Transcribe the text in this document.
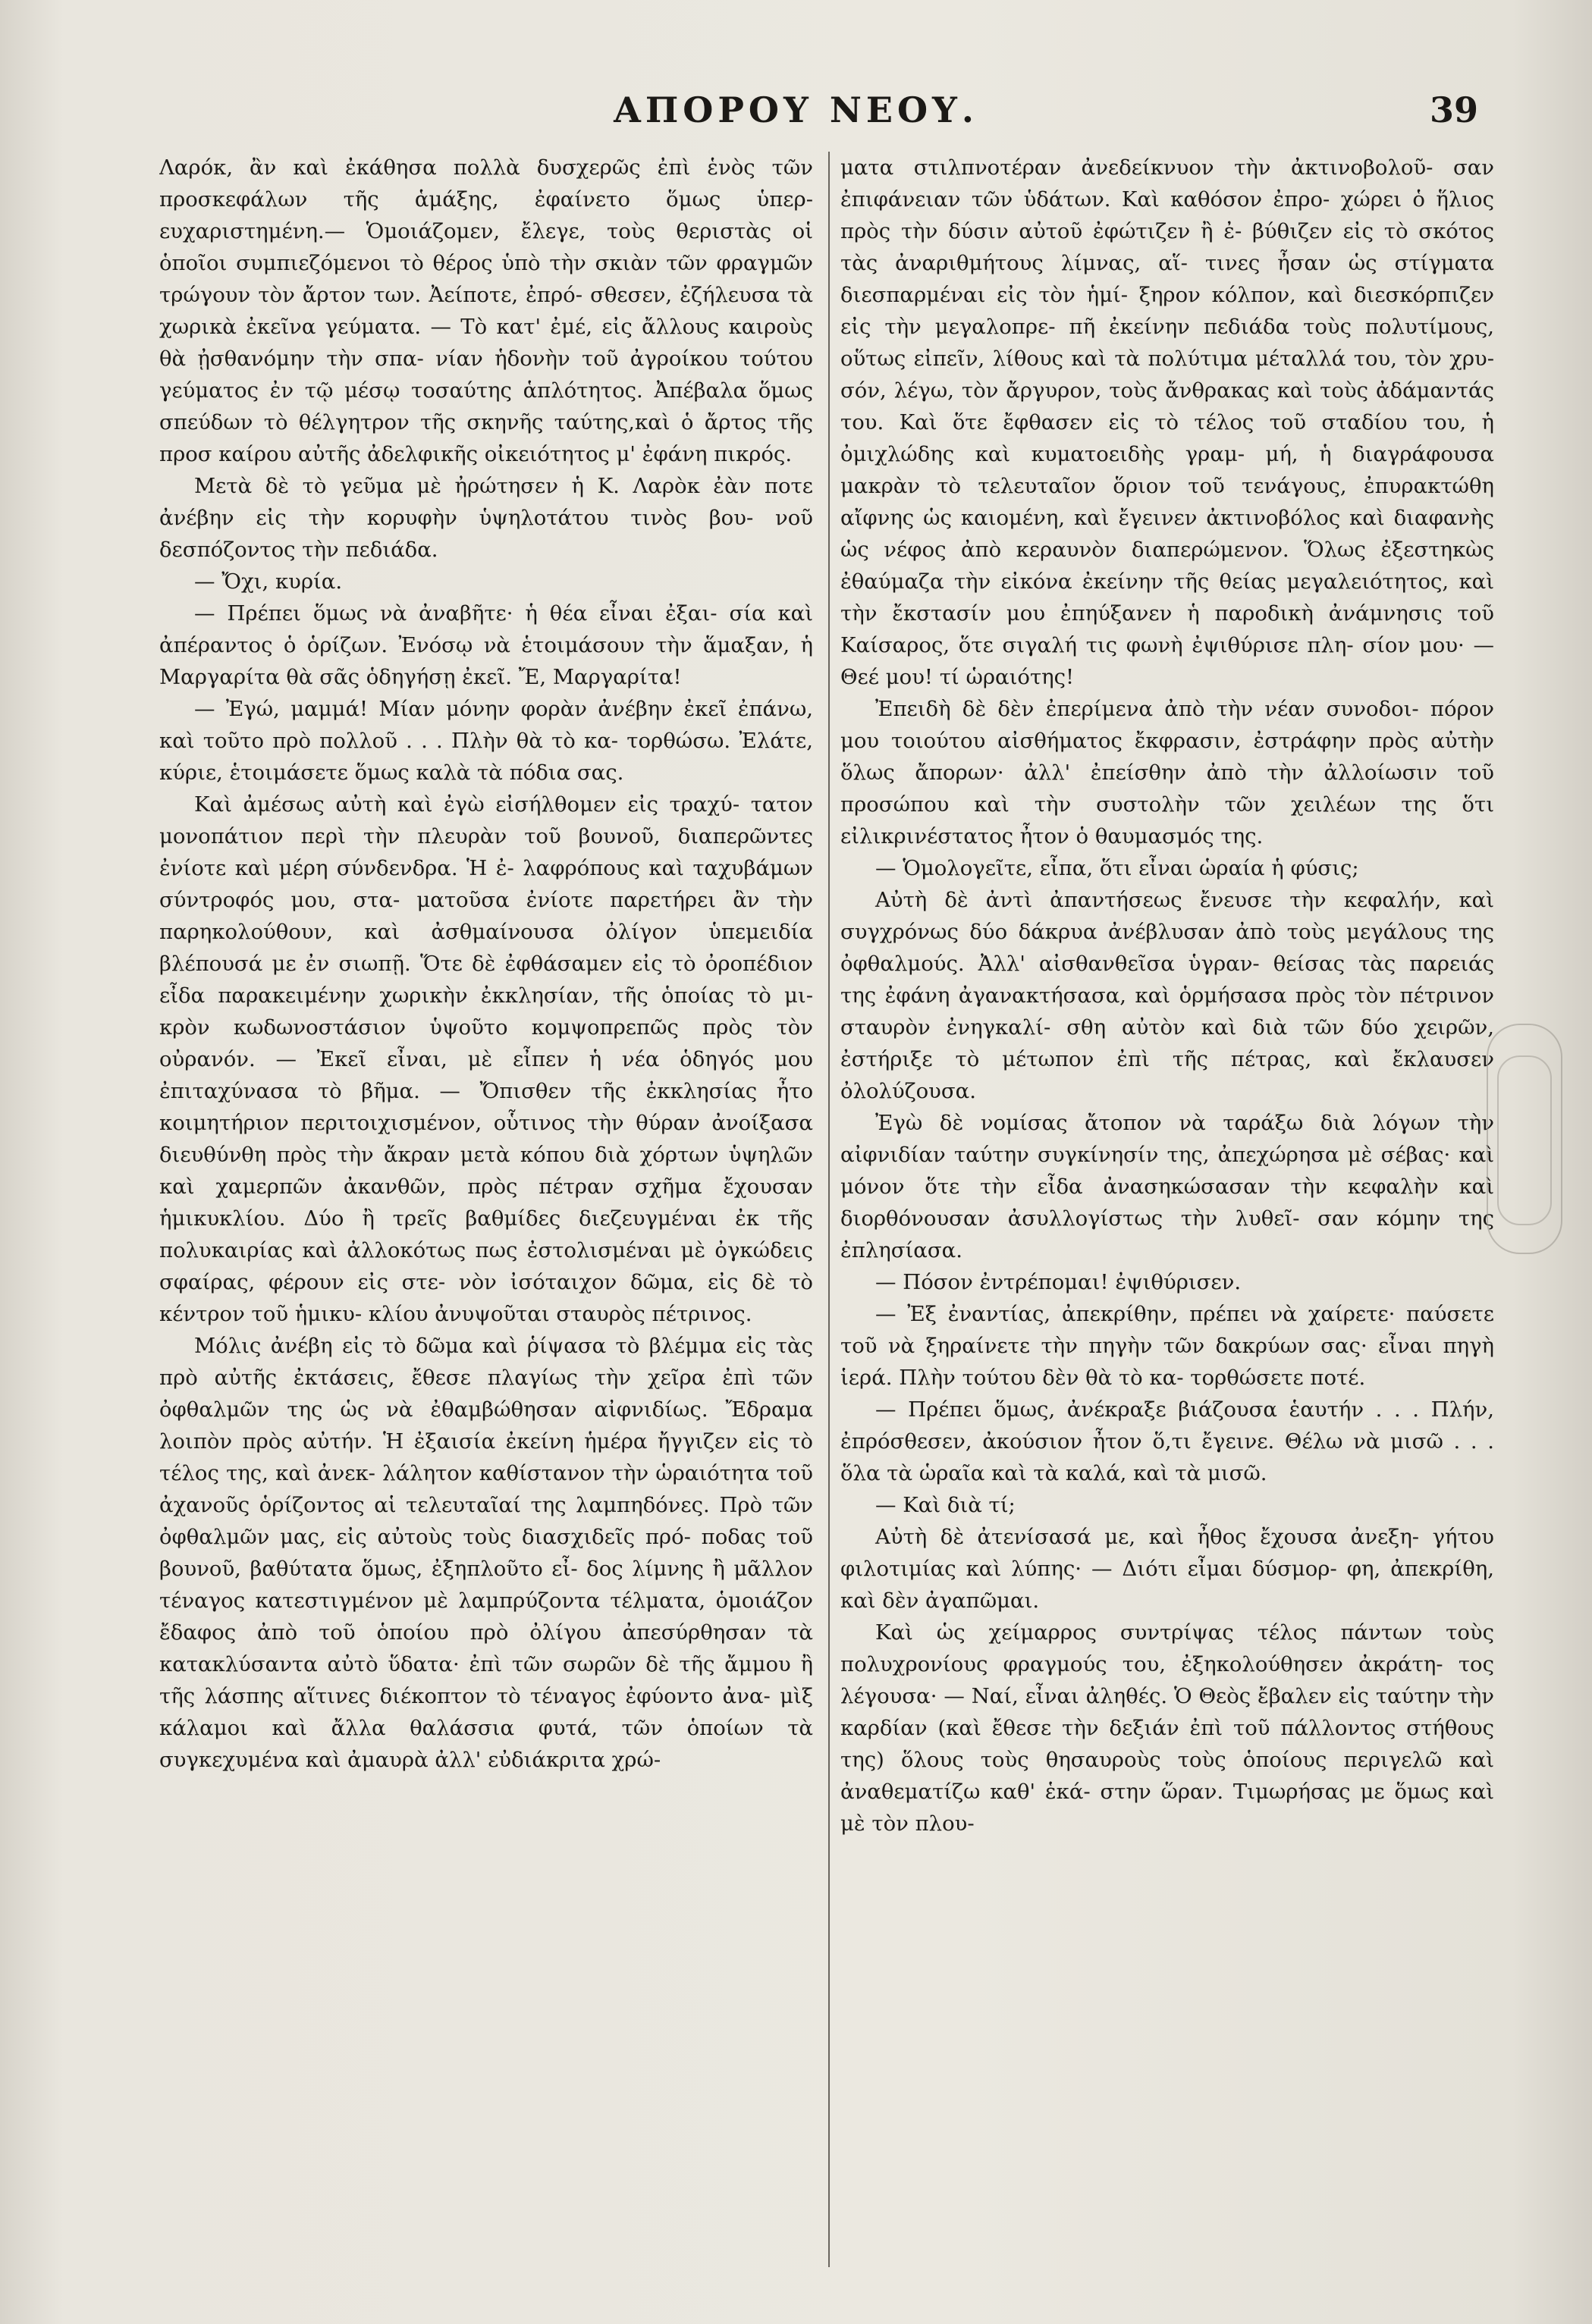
ΑΠΟΡΟΥ ΝΕΟΥ.	39

Λαρόκ, ἂν καὶ ἐκάθησα πολλὰ δυσχερῶς ἐπὶ ἑνὸς τῶν προσκεφάλων τῆς ἁμάξης, ἐφαίνετο ὅμως ὑπερ- ευχαριστημένη.— Ὁμοιάζομεν, ἔλεγε, τοὺς θεριστὰς οἱ ὁποῖοι συμπιεζόμενοι τὸ θέρος ὑπὸ τὴν σκιὰν τῶν φραγμῶν τρώγουν τὸν ἄρτον των. Ἀείποτε, ἐπρό- σθεσεν, ἐζήλευσα τὰ χωρικὰ ἐκεῖνα γεύματα. — Τὸ κατ' ἐμέ, εἰς ἄλλους καιροὺς θὰ ᾐσθανόμην τὴν σπα- νίαν ἡδονὴν τοῦ ἀγροίκου τούτου γεύματος ἐν τῷ μέσῳ τοσαύτης ἁπλότητος. Ἀπέβαλα ὅμως σπεύδων τὸ θέλγητρον τῆς σκηνῆς ταύτης,καὶ ὁ ἄρτος τῆς προσ καίρου αὐτῆς ἀδελφικῆς οἰκειότητος μ' ἐφάνη πικρός.

Μετὰ δὲ τὸ γεῦμα μὲ ἠρώτησεν ἡ Κ. Λαρὸκ ἐὰν ποτε ἀνέβην εἰς τὴν κορυφὴν ὑψηλοτάτου τινὸς βου- νοῦ δεσπόζοντος τὴν πεδιάδα.

— Ὄχι, κυρία.

— Πρέπει ὅμως νὰ ἀναβῆτε· ἡ θέα εἶναι ἐξαι- σία καὶ ἀπέραντος ὁ ὁρίζων. Ἐνόσῳ νὰ ἑτοιμάσουν τὴν ἅμαξαν, ἡ Μαργαρίτα θὰ σᾶς ὁδηγήσῃ ἐκεῖ. Ἔ, Μαργαρίτα!

— Ἐγώ, μαμμά! Μίαν μόνην φορὰν ἀνέβην ἐκεῖ ἐπάνω, καὶ τοῦτο πρὸ πολλοῦ . . . Πλὴν θὰ τὸ κα- τορθώσω. Ἐλάτε, κύριε, ἑτοιμάσετε ὅμως καλὰ τὰ πόδια σας.

Καὶ ἀμέσως αὐτὴ καὶ ἐγὼ εἰσήλθομεν εἰς τραχύ- τατον μονοπάτιον περὶ τὴν πλευρὰν τοῦ βουνοῦ, διαπερῶντες ἐνίοτε καὶ μέρη σύνδενδρα. Ἡ ἐ- λαφρόπους καὶ ταχυβάμων σύντροφός μου, στα- ματοῦσα ἐνίοτε παρετήρει ἂν τὴν παρηκολούθουν, καὶ ἀσθμαίνουσα ὀλίγον ὑπεμειδία βλέπουσά με ἐν σιωπῇ. Ὅτε δὲ ἐφθάσαμεν εἰς τὸ ὀροπέδιον εἶδα παρακειμένην χωρικὴν ἐκκλησίαν, τῆς ὁποίας τὸ μι- κρὸν κωδωνοστάσιον ὑψοῦτο κομψοπρεπῶς πρὸς τὸν οὐρανόν. — Ἐκεῖ εἶναι, μὲ εἶπεν ἡ νέα ὁδηγός μου ἐπιταχύνασα τὸ βῆμα. — Ὄπισθεν τῆς ἐκκλησίας ἦτο κοιμητήριον περιτοιχισμένον, οὗτινος τὴν θύραν ἀνοίξασα διευθύνθη πρὸς τὴν ἄκραν μετὰ κόπου διὰ χόρτων ὑψηλῶν καὶ χαμερπῶν ἀκανθῶν, πρὸς πέτραν σχῆμα ἔχουσαν ἡμικυκλίου. Δύο ἢ τρεῖς βαθμίδες διεζευγμέναι ἐκ τῆς πολυκαιρίας καὶ ἀλλοκότως πως ἐστολισμέναι μὲ ὀγκώδεις σφαίρας, φέρουν εἰς στε- νὸν ἰσόταιχον δῶμα, εἰς δὲ τὸ κέντρον τοῦ ἡμικυ- κλίου ἀνυψοῦται σταυρὸς πέτρινος.

Μόλις ἀνέβη εἰς τὸ δῶμα καὶ ῥίψασα τὸ βλέμμα εἰς τὰς πρὸ αὐτῆς ἐκτάσεις, ἔθεσε πλαγίως τὴν χεῖρα ἐπὶ τῶν ὀφθαλμῶν της ὡς νὰ ἐθαμβώθησαν αἰφνιδίως. Ἔδραμα λοιπὸν πρὸς αὐτήν. Ἡ ἐξαισία ἐκείνη ἡμέρα ἤγγιζεν εἰς τὸ τέλος της, καὶ ἀνεκ- λάλητον καθίστανον τὴν ὡραιότητα τοῦ ἀχανοῦς ὁρίζοντος αἱ τελευταῖαί της λαμπηδόνες. Πρὸ τῶν ὀφθαλμῶν μας, εἰς αὐτοὺς τοὺς διασχιδεῖς πρό- ποδας τοῦ βουνοῦ, βαθύτατα ὅμως, ἐξηπλοῦτο εἶ- δος λίμνης ἢ μᾶλλον τέναγος κατεστιγμένον μὲ λαμπρύζοντα τέλματα, ὁμοιάζον ἔδαφος ἀπὸ τοῦ ὁποίου πρὸ ὀλίγου ἀπεσύρθησαν τὰ κατακλύσαντα αὐτὸ ὕδατα· ἐπὶ τῶν σωρῶν δὲ τῆς ἄμμου ἢ τῆς λάσπης αἵτινες διέκοπτον τὸ τέναγος ἐφύοντο ἀνα- μὶξ κάλαμοι καὶ ἄλλα θαλάσσια φυτά, τῶν ὁποίων τὰ συγκεχυμένα καὶ ἀμαυρὰ ἀλλ' εὐδιάκριτα χρώ-

ματα στιλπνοτέραν ἀνεδείκνυον τὴν ἀκτινοβολοῦ- σαν ἐπιφάνειαν τῶν ὑδάτων. Καὶ καθόσον ἐπρο- χώρει ὁ ἥλιος πρὸς τὴν δύσιν αὐτοῦ ἐφώτιζεν ἢ ἐ- βύθιζεν εἰς τὸ σκότος τὰς ἀναριθμήτους λίμνας, αἵ- τινες ἦσαν ὡς στίγματα διεσπαρμέναι εἰς τὸν ἡμί- ξηρον κόλπον, καὶ διεσκόρπιζεν εἰς τὴν μεγαλοπρε- πῆ ἐκείνην πεδιάδα τοὺς πολυτίμους, οὕτως εἰπεῖν, λίθους καὶ τὰ πολύτιμα μέταλλά του, τὸν χρυ- σόν, λέγω, τὸν ἄργυρον, τοὺς ἄνθρακας καὶ τοὺς ἀδάμαντάς του. Καὶ ὅτε ἔφθασεν εἰς τὸ τέλος τοῦ σταδίου του, ἡ ὀμιχλώδης καὶ κυματοειδὴς γραμ- μή, ἡ διαγράφουσα μακρὰν τὸ τελευταῖον ὅριον τοῦ τενάγους, ἐπυρακτώθη αἴφνης ὡς καιομένη, καὶ ἔγεινεν ἀκτινοβόλος καὶ διαφανὴς ὡς νέφος ἀπὸ κεραυνὸν διαπερώμενον. Ὅλως ἐξεστηκὼς ἐθαύμαζα τὴν εἰκόνα ἐκείνην τῆς θείας μεγαλειότητος, καὶ τὴν ἔκστασίν μου ἐπηύξανεν ἡ παροδικὴ ἀνάμνησις τοῦ Καίσαρος, ὅτε σιγαλή τις φωνὴ ἐψιθύρισε πλη- σίον μου· — Θεέ μου! τί ὡραιότης!

Ἐπειδὴ δὲ δὲν ἐπερίμενα ἀπὸ τὴν νέαν συνοδοι- πόρον μου τοιούτου αἰσθήματος ἔκφρασιν, ἐστράφην πρὸς αὐτὴν ὅλως ἄπορων· ἀλλ' ἐπείσθην ἀπὸ τὴν ἀλλοίωσιν τοῦ προσώπου καὶ τὴν συστολὴν τῶν χειλέων της ὅτι εἰλικρινέστατος ἦτον ὁ θαυμασμός της.

— Ὁμολογεῖτε, εἶπα, ὅτι εἶναι ὡραία ἡ φύσις;

Αὐτὴ δὲ ἀντὶ ἀπαντήσεως ἔνευσε τὴν κεφαλήν, καὶ συγχρόνως δύο δάκρυα ἀνέβλυσαν ἀπὸ τοὺς μεγάλους της ὀφθαλμούς. Ἀλλ' αἰσθανθεῖσα ὑγραν- θείσας τὰς παρειάς της ἐφάνη ἀγανακτήσασα, καὶ ὁρμήσασα πρὸς τὸν πέτρινον σταυρὸν ἐνηγκαλί- σθη αὐτὸν καὶ διὰ τῶν δύο χειρῶν, ἐστήριξε τὸ μέτωπον ἐπὶ τῆς πέτρας, καὶ ἔκλαυσεν ὀλολύζουσα.

Ἐγὼ δὲ νομίσας ἄτοπον νὰ ταράξω διὰ λόγων τὴν αἰφνιδίαν ταύτην συγκίνησίν της, ἀπεχώρησα μὲ σέβας· καὶ μόνον ὅτε τὴν εἶδα ἀνασηκώσασαν τὴν κεφαλὴν καὶ διορθόνουσαν ἀσυλλογίστως τὴν λυθεῖ- σαν κόμην της ἐπλησίασα.

— Πόσον ἐντρέπομαι! ἐψιθύρισεν.

— Ἐξ ἐναντίας, ἀπεκρίθην, πρέπει νὰ χαίρετε· παύσετε τοῦ νὰ ξηραίνετε τὴν πηγὴν τῶν δακρύων σας· εἶναι πηγὴ ἱερά. Πλὴν τούτου δὲν θὰ τὸ κα- τορθώσετε ποτέ.

— Πρέπει ὅμως, ἀνέκραξε βιάζουσα ἑαυτήν . . . Πλήν, ἐπρόσθεσεν, ἀκούσιον ἦτον ὅ,τι ἔγεινε. Θέλω νὰ μισῶ . . . ὅλα τὰ ὡραῖα καὶ τὰ καλά, καὶ τὰ μισῶ.

— Καὶ διὰ τί;

Αὐτὴ δὲ ἀτενίσασά με, καὶ ἦθος ἔχουσα ἀνεξη- γήτου φιλοτιμίας καὶ λύπης· — Διότι εἶμαι δύσμορ- φη, ἀπεκρίθη, καὶ δὲν ἀγαπῶμαι.

Καὶ ὡς χείμαρρος συντρίψας τέλος πάντων τοὺς πολυχρονίους φραγμούς του, ἐξηκολούθησεν ἀκράτη- τος λέγουσα· — Ναί, εἶναι ἀληθές. Ὁ Θεὸς ἔβαλεν εἰς ταύτην τὴν καρδίαν (καὶ ἔθεσε τὴν δεξιάν ἐπὶ τοῦ πάλλοντος στήθους της) ὅλους τοὺς θησαυροὺς τοὺς ὁποίους περιγελῶ καὶ ἀναθεματίζω καθ' ἑκά- στην ὥραν. Τιμωρήσας με ὅμως καὶ μὲ τὸν πλου-
